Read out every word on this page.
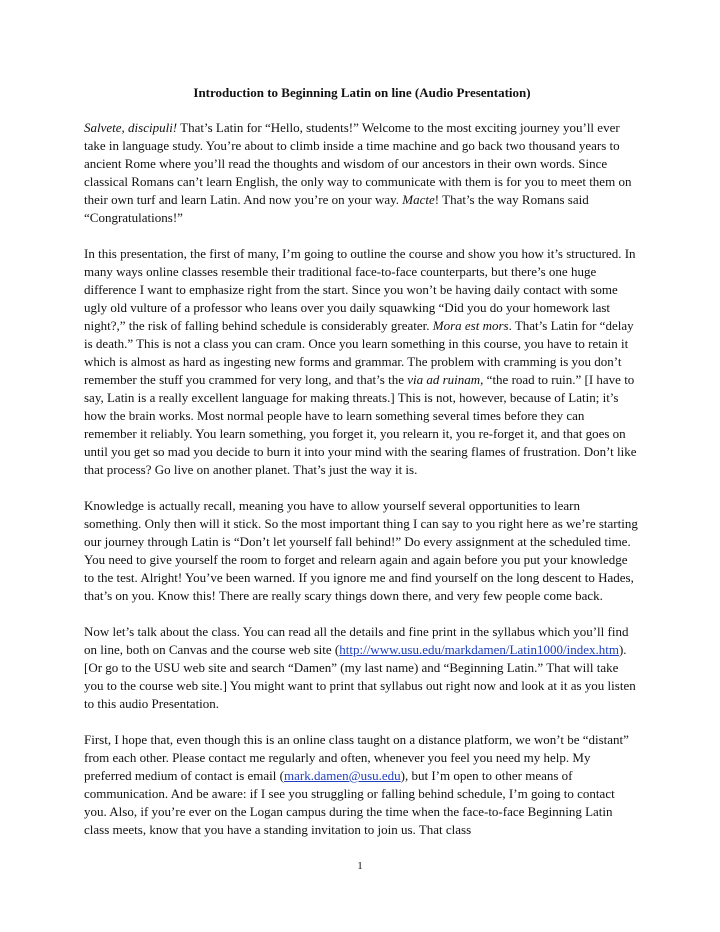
Introduction to Beginning Latin on line (Audio Presentation)

Salvete, discipuli! That’s Latin for “Hello, students!” Welcome to the most exciting journey you’ll ever take in language study. You’re about to climb inside a time machine and go back two thousand years to ancient Rome where you’ll read the thoughts and wisdom of our ancestors in their own words. Since classical Romans can’t learn English, the only way to communicate with them is for you to meet them on their own turf and learn Latin. And now you’re on your way. Macte! That’s the way Romans said “Congratulations!”

In this presentation, the first of many, I’m going to outline the course and show you how it’s structured. In many ways online classes resemble their traditional face-to-face counterparts, but there’s one huge difference I want to emphasize right from the start. Since you won’t be having daily contact with some ugly old vulture of a professor who leans over you daily squawking “Did you do your homework last night?,” the risk of falling behind schedule is considerably greater. Mora est mors. That’s Latin for “delay is death.” This is not a class you can cram. Once you learn something in this course, you have to retain it which is almost as hard as ingesting new forms and grammar. The problem with cramming is you don’t remember the stuff you crammed for very long, and that’s the via ad ruinam, “the road to ruin.” [I have to say, Latin is a really excellent language for making threats.] This is not, however, because of Latin; it’s how the brain works. Most normal people have to learn something several times before they can remember it reliably. You learn something, you forget it, you relearn it, you re-forget it, and that goes on until you get so mad you decide to burn it into your mind with the searing flames of frustration. Don’t like that process? Go live on another planet. That’s just the way it is.

Knowledge is actually recall, meaning you have to allow yourself several opportunities to learn something. Only then will it stick. So the most important thing I can say to you right here as we’re starting our journey through Latin is “Don’t let yourself fall behind!” Do every assignment at the scheduled time. You need to give yourself the room to forget and relearn again and again before you put your knowledge to the test. Alright! You’ve been warned. If you ignore me and find yourself on the long descent to Hades, that’s on you. Know this! There are really scary things down there, and very few people come back.

Now let’s talk about the class. You can read all the details and fine print in the syllabus which you’ll find on line, both on Canvas and the course web site (http://www.usu.edu/markdamen/Latin1000/index.htm). [Or go to the USU web site and search “Damen” (my last name) and “Beginning Latin.” That will take you to the course web site.] You might want to print that syllabus out right now and look at it as you listen to this audio Presentation.

First, I hope that, even though this is an online class taught on a distance platform, we won’t be “distant” from each other. Please contact me regularly and often, whenever you feel you need my help. My preferred medium of contact is email (mark.damen@usu.edu), but I’m open to other means of communication. And be aware: if I see you struggling or falling behind schedule, I’m going to contact you. Also, if you’re ever on the Logan campus during the time when the face-to-face Beginning Latin class meets, know that you have a standing invitation to join us. That class

1
